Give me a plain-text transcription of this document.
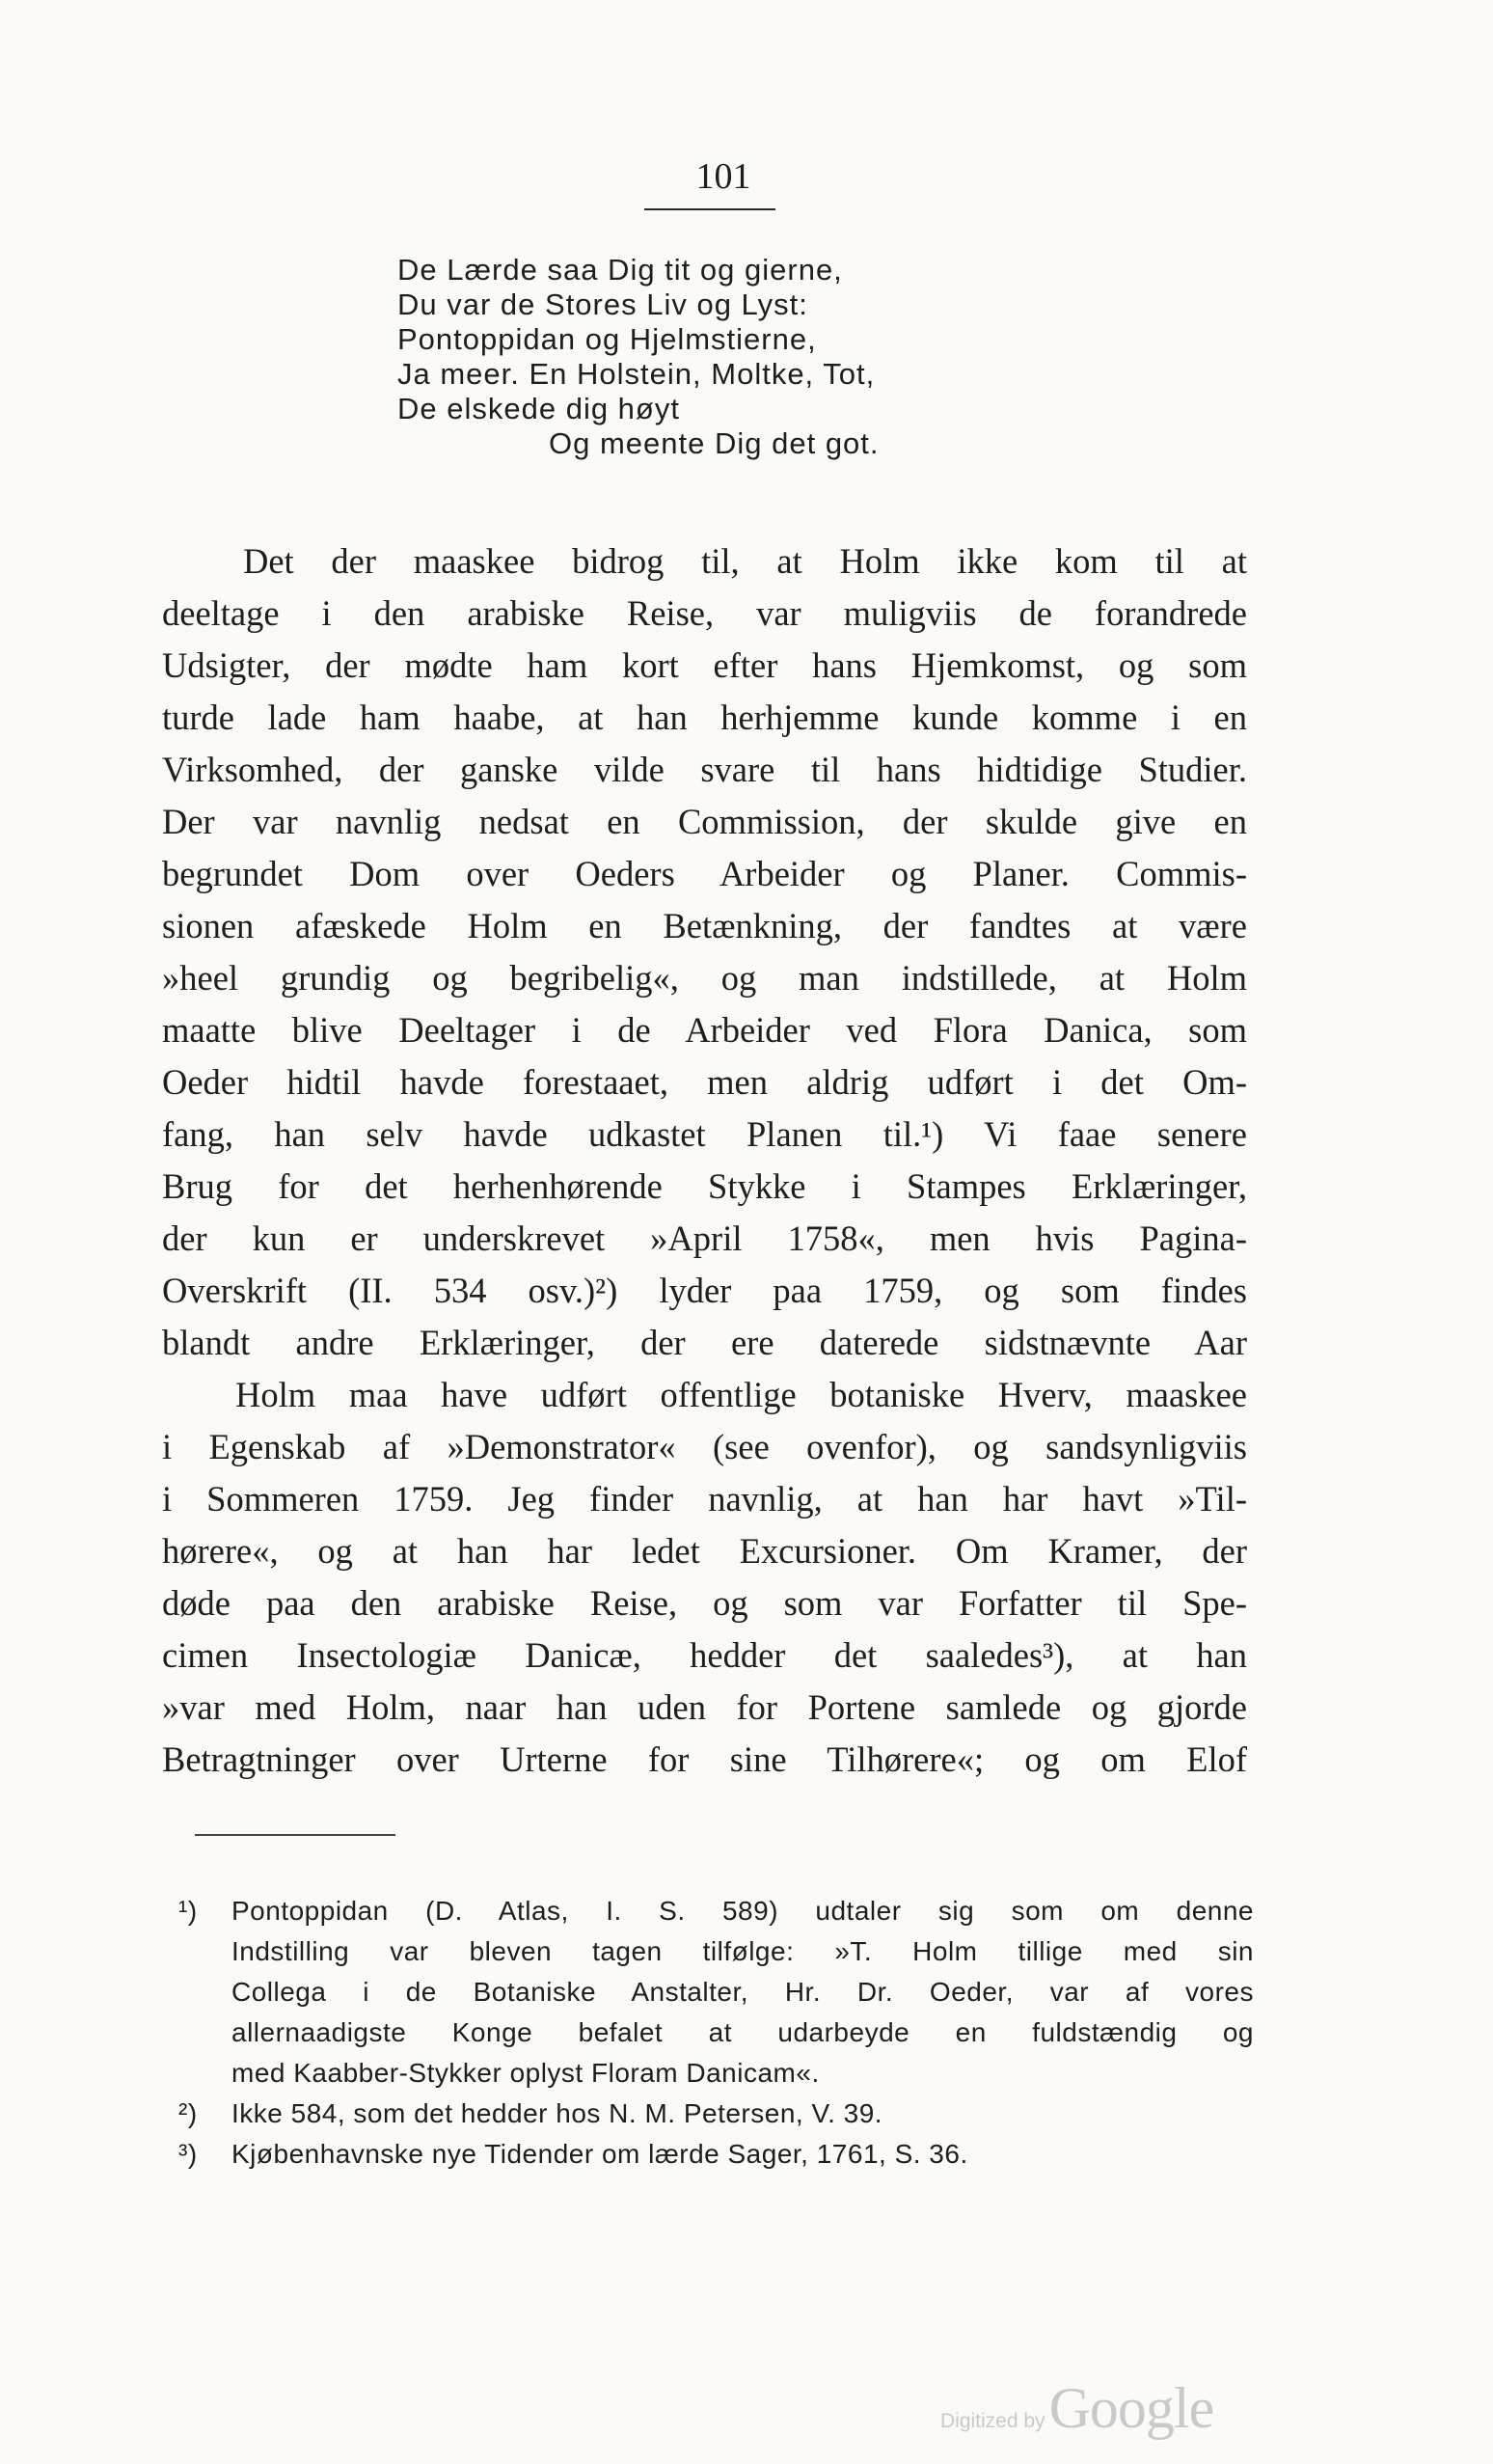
101
De Lærde saa Dig tit og gierne,
Du var de Stores Liv og Lyst:
Pontoppidan og Hjelmstierne,
Ja meer. En Holstein, Moltke, Tot,
De elskede dig høyt
Og meente Dig det got.
Det der maaskee bidrog til, at Holm ikke kom til at
deeltage i den arabiske Reise, var muligviis de forandrede
Udsigter, der mødte ham kort efter hans Hjemkomst, og som
turde lade ham haabe, at han herhjemme kunde komme i en
Virksomhed, der ganske vilde svare til hans hidtidige Studier.
Der var navnlig nedsat en Commission, der skulde give en
begrundet Dom over Oeders Arbeider og Planer. Commis-
sionen afæskede Holm en Betænkning, der fandtes at være
»heel grundig og begribelig«, og man indstillede, at Holm
maatte blive Deeltager i de Arbeider ved Flora Danica, som
Oeder hidtil havde forestaaet, men aldrig udført i det Om-
fang, han selv havde udkastet Planen til.¹) Vi faae senere
Brug for det herhenhørende Stykke i Stampes Erklæringer,
der kun er underskrevet »April 1758«, men hvis Pagina-
Overskrift (II. 534 osv.)²) lyder paa 1759, og som findes
blandt andre Erklæringer, der ere daterede sidstnævnte Aar
Holm maa have udført offentlige botaniske Hverv, maaskee
i Egenskab af »Demonstrator« (see ovenfor), og sandsynligviis
i Sommeren 1759. Jeg finder navnlig, at han har havt »Til-
hørere«, og at han har ledet Excursioner. Om Kramer, der
døde paa den arabiske Reise, og som var Forfatter til Spe-
cimen Insectologiæ Danicæ, hedder det saaledes³), at han
»var med Holm, naar han uden for Portene samlede og gjorde
Betragtninger over Urterne for sine Tilhørere«; og om Elof
¹) Pontoppidan (D. Atlas, I. S. 589) udtaler sig som om denne
Indstilling var bleven tagen tilfølge: »T. Holm tillige med sin
Collega i de Botaniske Anstalter, Hr. Dr. Oeder, var af vores
allernaadigste Konge befalet at udarbeyde en fuldstændig og
med Kaabber-Stykker oplyst Floram Danicam«.
²) Ikke 584, som det hedder hos N. M. Petersen, V. 39.
³) Kjøbenhavnske nye Tidender om lærde Sager, 1761, S. 36.
Digitized by Google
